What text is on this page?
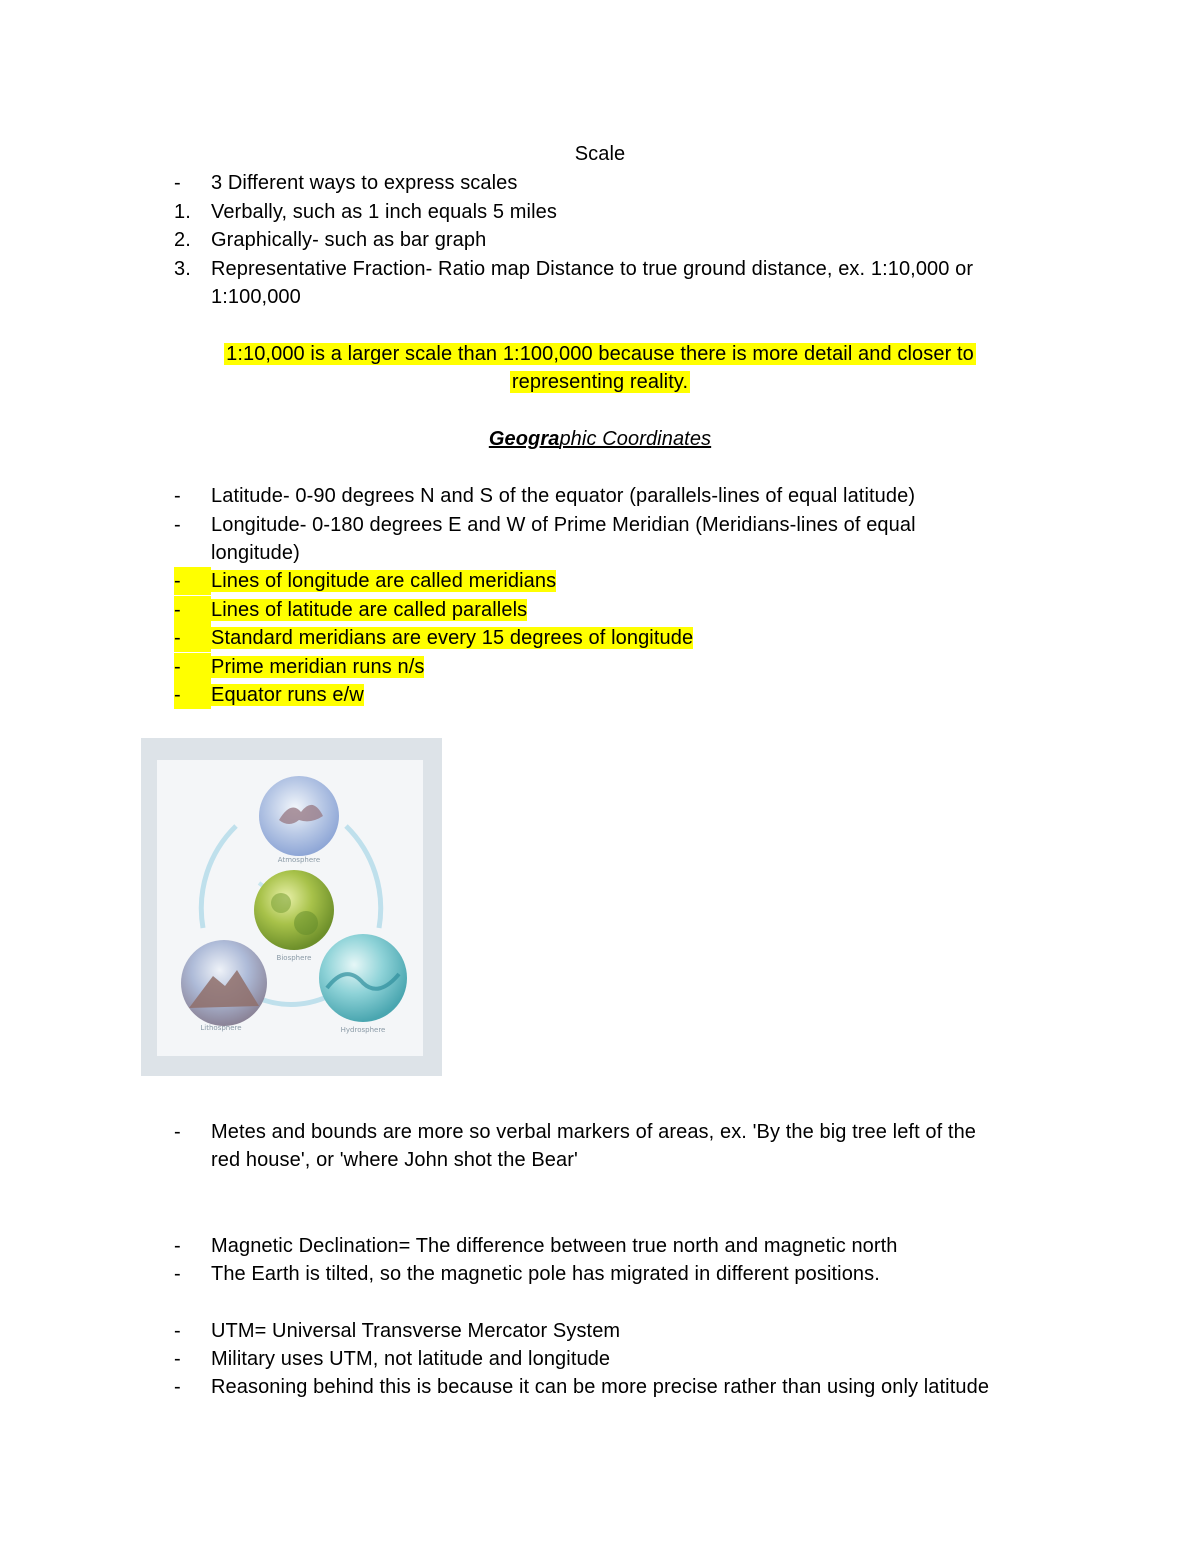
Scale
-	3 Different ways to express scales
1.	Verbally, such as 1 inch equals 5 miles
2.	Graphically- such as bar graph
3.	Representative Fraction- Ratio map Distance to true ground distance, ex. 1:10,000 or
1:100,000
1:10,000 is a larger scale than 1:100,000 because there is more detail and closer to
representing reality.
Geographic Coordinates
-	Latitude- 0-90 degrees N and S of the equator (parallels-lines of equal latitude)
-	Longitude- 0-180 degrees E and W of Prime Meridian (Meridians-lines of equal
longitude)
- Lines of longitude are called meridians
- Lines of latitude are called parallels
- Standard meridians are every 15 degrees of longitude
- Prime meridian runs n/s
- Equator runs e/w
Atmosphere
Biosphere
Lithosphere	Hydrosphere
-	Metes and bounds are more so verbal markers of areas, ex. 'By the big tree left of the
red house', or 'where John shot the Bear'
-	Magnetic Declination= The difference between true north and magnetic north
-	The Earth is tilted, so the magnetic pole has migrated in different positions.
-	UTM= Universal Transverse Mercator System
-	Military uses UTM, not latitude and longitude
-	Reasoning behind this is because it can be more precise rather than using only latitude
